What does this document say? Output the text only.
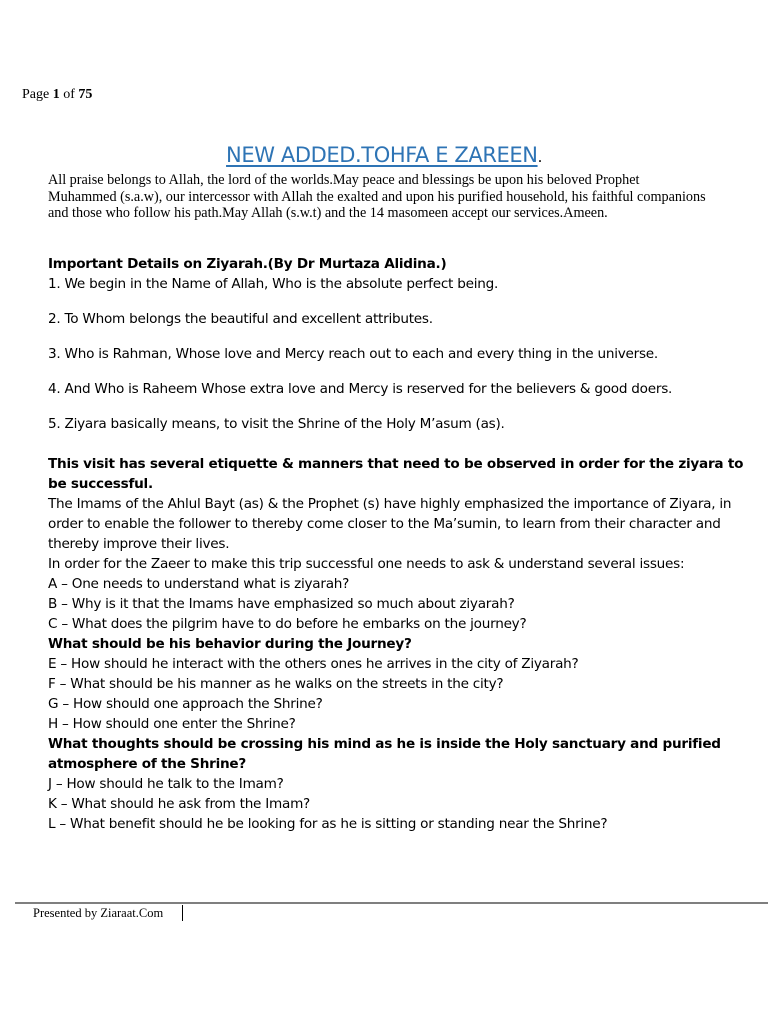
Page 1 of 75
NEW ADDED.TOHFA E ZAREEN.
All praise belongs to Allah, the lord of the worlds.May peace and blessings be upon his beloved Prophet Muhammed (s.a.w), our intercessor with Allah the exalted and upon his purified household, his faithful companions and those who follow his path.May Allah (s.w.t) and the 14 masomeen accept our services.Ameen.

Important Details on Ziyarah.(By Dr Murtaza Alidina.)

1. We begin in the Name of Allah, Who is the absolute perfect being.

2. To Whom belongs the beautiful and excellent attributes.

3. Who is Rahman, Whose love and Mercy reach out to each and every thing in the universe.

4. And Who is Raheem Whose extra love and Mercy is reserved for the believers & good doers.

5. Ziyara basically means, to visit the Shrine of the Holy M’asum (as).

This visit has several etiquette & manners that need to be observed in order for the ziyara to be successful.

The Imams of the Ahlul Bayt (as) & the Prophet (s) have highly emphasized the importance of Ziyara, in order to enable the follower to thereby come closer to the Ma’sumin, to learn from their character and thereby improve their lives.

In order for the Zaeer to make this trip successful one needs to ask & understand several issues:

A – One needs to understand what is ziyarah?

B – Why is it that the Imams have emphasized so much about ziyarah?

C – What does the pilgrim have to do before he embarks on the journey?

What should be his behavior during the Journey?

E – How should he interact with the others ones he arrives in the city of Ziyarah?

F – What should be his manner as he walks on the streets in the city?

G – How should one approach the Shrine?

H – How should one enter the Shrine?

What thoughts should be crossing his mind as he is inside the Holy sanctuary and purified atmosphere of the Shrine?

J – How should he talk to the Imam?

K – What should he ask from the Imam?

L – What benefit should he be looking for as he is sitting or standing near the Shrine?

Presented by Ziaraat.Com
